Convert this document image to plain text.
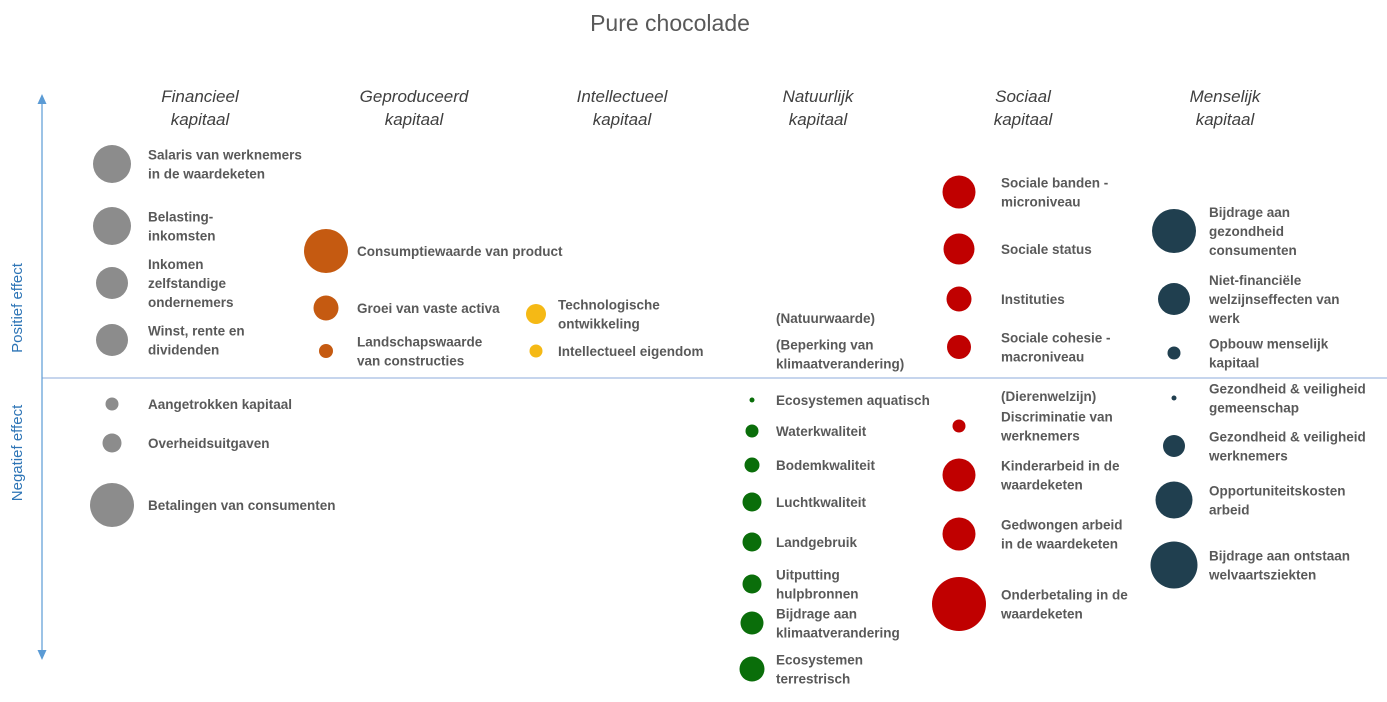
Pure chocolade
Financieel kapitaal
Geproduceerd kapitaal
Intellectueel kapitaal
Natuurlijk kapitaal
Sociaal kapitaal
Menselijk kapitaal
Positief effect
Negatief effect
Salaris van werknemers in de waardeketen
Belasting-inkomsten
Inkomen zelfstandige ondernemers
Winst, rente en dividenden
Aangetrokken kapitaal
Overheidsuitgaven
Betalingen van consumenten
Consumptiewaarde van product
Groei van vaste activa
Landschapswaarde van constructies
Technologische ontwikkeling
Intellectueel eigendom
(Natuurwaarde)
(Beperking van klimaatverandering)
Ecosystemen aquatisch
Waterkwaliteit
Bodemkwaliteit
Luchtkwaliteit
Landgebruik
Uitputting hulpbronnen
Bijdrage aan klimaatverandering
Ecosystemen terrestrisch
Sociale banden -microniveau
Sociale status
Instituties
Sociale cohesie -macroniveau
(Dierenwelzijn)
Discriminatie van werknemers
Kinderarbeid in de waardeketen
Gedwongen arbeid in de waardeketen
Onderbetaling in de waardeketen
Bijdrage aan gezondheid consumenten
Niet-financiële welzijnseffecten van werk
Opbouw menselijk kapitaal
Gezondheid & veiligheid gemeenschap
Gezondheid & veiligheid werknemers
Opportuniteitskosten arbeid
Bijdrage aan ontstaan welvaartsziekten
